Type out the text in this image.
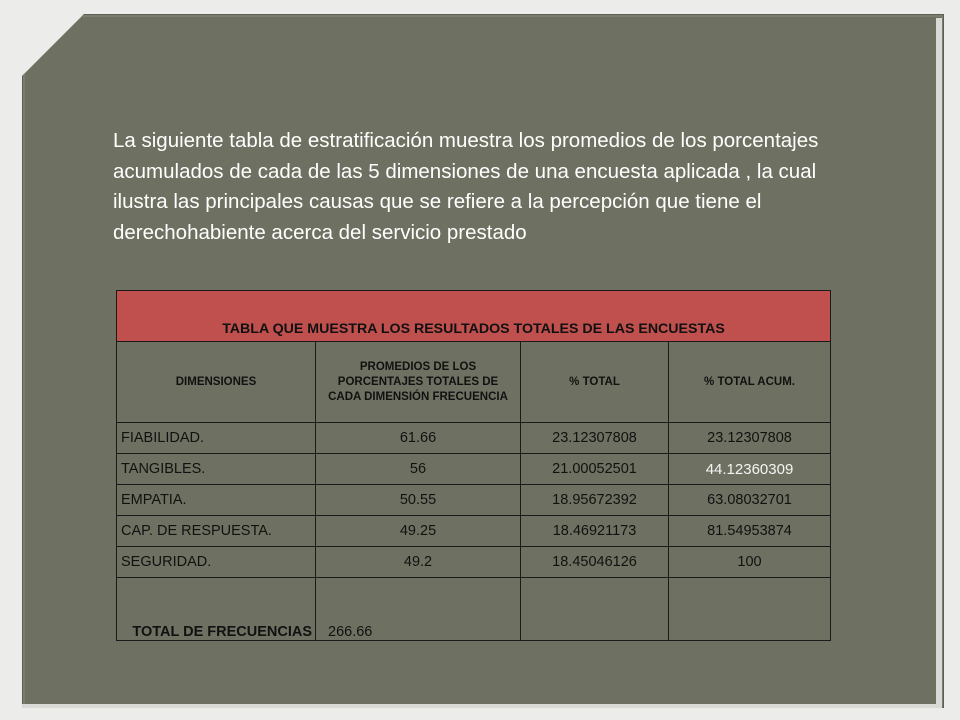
La siguiente tabla de estratificación muestra los promedios de los porcentajes acumulados de cada de las 5 dimensiones de una encuesta aplicada , la cual ilustra las principales causas que se refiere a la percepción que tiene el derechohabiente acerca del servicio prestado

TABLA QUE MUESTRA LOS RESULTADOS TOTALES DE LAS ENCUESTAS			
DIMENSIONES	PROMEDIOS DE LOS PORCENTAJES TOTALES DE CADA DIMENSIÓN FRECUENCIA	% TOTAL	% TOTAL ACUM.
FIABILIDAD.	61.66	23.12307808	23.12307808
TANGIBLES.	56	21.00052501	44.12360309
EMPATIA.	50.55	18.95672392	63.08032701
CAP. DE RESPUESTA.	49.25	18.46921173	81.54953874
SEGURIDAD.	49.2	18.45046126	100
TOTAL DE FRECUENCIAS	266.66		
